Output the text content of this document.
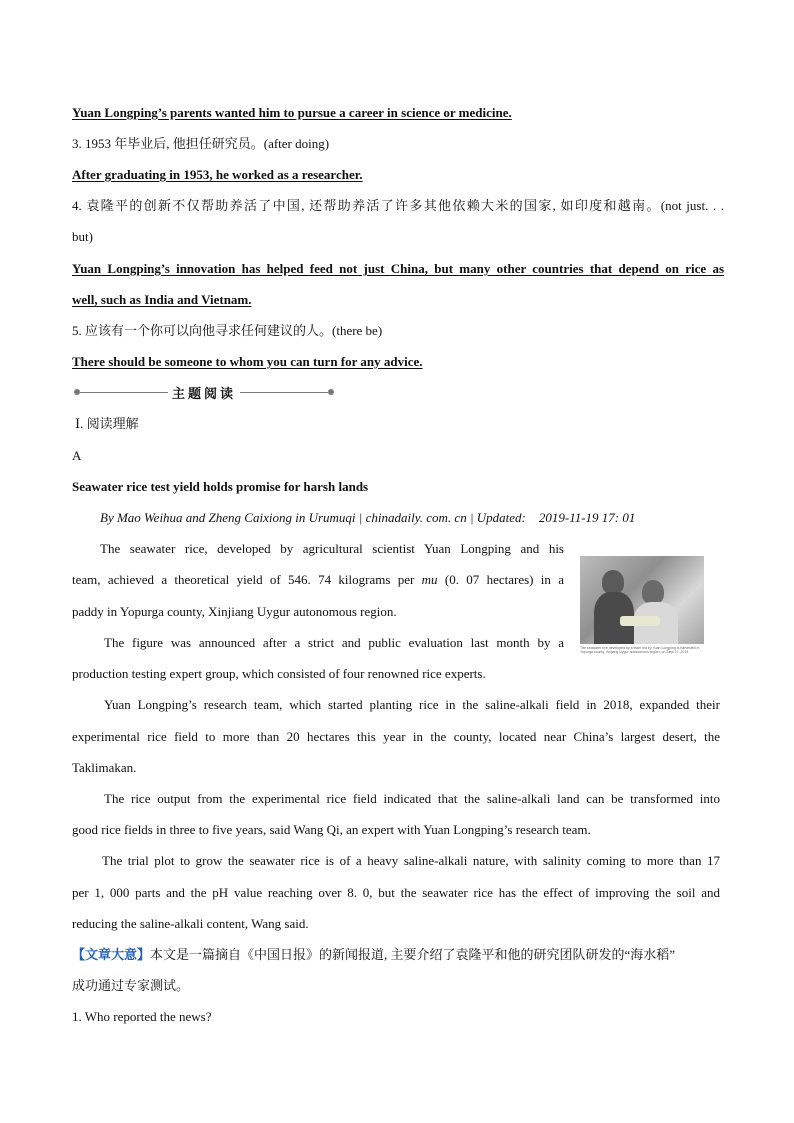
Yuan Longping’s parents wanted him to pursue a career in science or medicine.
3. 1953 年毕业后, 他担任研究员。(after doing)
After graduating in 1953, he worked as a researcher.
4. 袁隆平的创新不仅帮助养活了中国, 还帮助养活了许多其他依赖大米的国家, 如印度和越南。(not just. . .
but)
Yuan Longping’s innovation has helped feed not just China, but many other countries that depend on rice as
well, such as India and Vietnam.
5. 应该有一个你可以向他寻求任何建议的人。(there be)
There should be someone to whom you can turn for any advice.
主题阅读
Ⅰ. 阅读理解
A
Seawater rice test yield holds promise for harsh lands
By Mao Weihua and Zheng Caixiong in Urumuqi | chinadaily. com. cn | Updated:    2019-11-19 17: 01
The seawater rice, developed by agricultural scientist Yuan Longping and his
team, achieved a theoretical yield of 546. 74 kilograms per mu (0. 07 hectares) in a
paddy in Yopurga county, Xinjiang Uygur autonomous region.
The figure was announced after a strict and public evaluation last month by a
production testing expert group, which consisted of four renowned rice experts.
The seawater rice developed by a team led by Yuan Longping is harvested in Yopurga county, Xinjiang Uygur autonomous region, on Sept 17, 2019.
Yuan Longping’s research team, which started planting rice in the saline-alkali field in 2018, expanded their
experimental rice field to more than 20 hectares this year in the county, located near China’s largest desert, the
Taklimakan.
The rice output from the experimental rice field indicated that the saline-alkali land can be transformed into
good rice fields in three to five years, said Wang Qi, an expert with Yuan Longping’s research team.
The trial plot to grow the seawater rice is of a heavy saline-alkali nature, with salinity coming to more than 17
per 1, 000 parts and the pH value reaching over 8. 0, but the seawater rice has the effect of improving the soil and
reducing the saline-alkali content, Wang said.
【文章大意】本文是一篇摘自《中国日报》的新闻报道, 主要介绍了袁隆平和他的研究团队研发的“海水稻”
成功通过专家测试。
1. Who reported the news?
